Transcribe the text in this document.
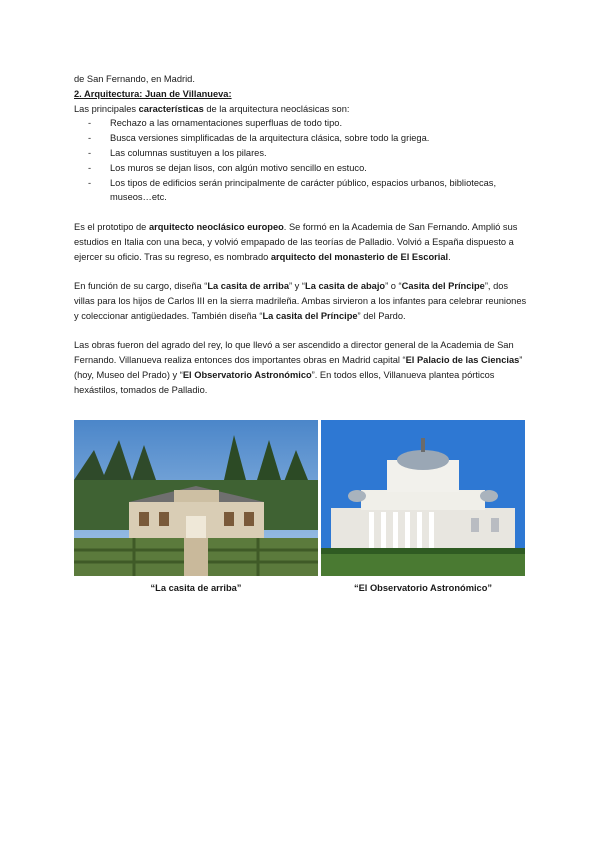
de San Fernando, en Madrid.

2. Arquitectura: Juan de Villanueva:

Las principales características de la arquitectura neoclásicas son:

- Rechazo a las ornamentaciones superfluas de todo tipo.
- Busca versiones simplificadas de la arquitectura clásica, sobre todo la griega.
- Las columnas sustituyen a los pilares.
- Los muros se dejan lisos, con algún motivo sencillo en estuco.
- Los tipos de edificios serán principalmente de carácter público, espacios urbanos, bibliotecas, museos…etc.

Es el prototipo de arquitecto neoclásico europeo. Se formó en la Academia de San Fernando. Amplió sus estudios en Italia con una beca, y volvió empapado de las teorías de Palladio. Volvió a España dispuesto a ejercer su oficio. Tras su regreso, es nombrado arquitecto del monasterio de El Escorial.

En función de su cargo, diseña “La casita de arriba” y “La casita de abajo” o “Casita del Príncipe”, dos villas para los hijos de Carlos III en la sierra madrileña. Ambas sirvieron a los infantes para celebrar reuniones y coleccionar antigüedades. También diseña “La casita del Príncipe” del Pardo.

Las obras fueron del agrado del rey, lo que llevó a ser ascendido a director general de la Academia de San Fernando. Villanueva realiza entonces dos importantes obras en Madrid capital “El Palacio de las Ciencias” (hoy, Museo del Prado) y “El Observatorio Astronómico”. En todos ellos, Villanueva plantea pórticos hexástilos, tomados de Palladio.

“La casita de arriba”	“El Observatorio Astronómico”
